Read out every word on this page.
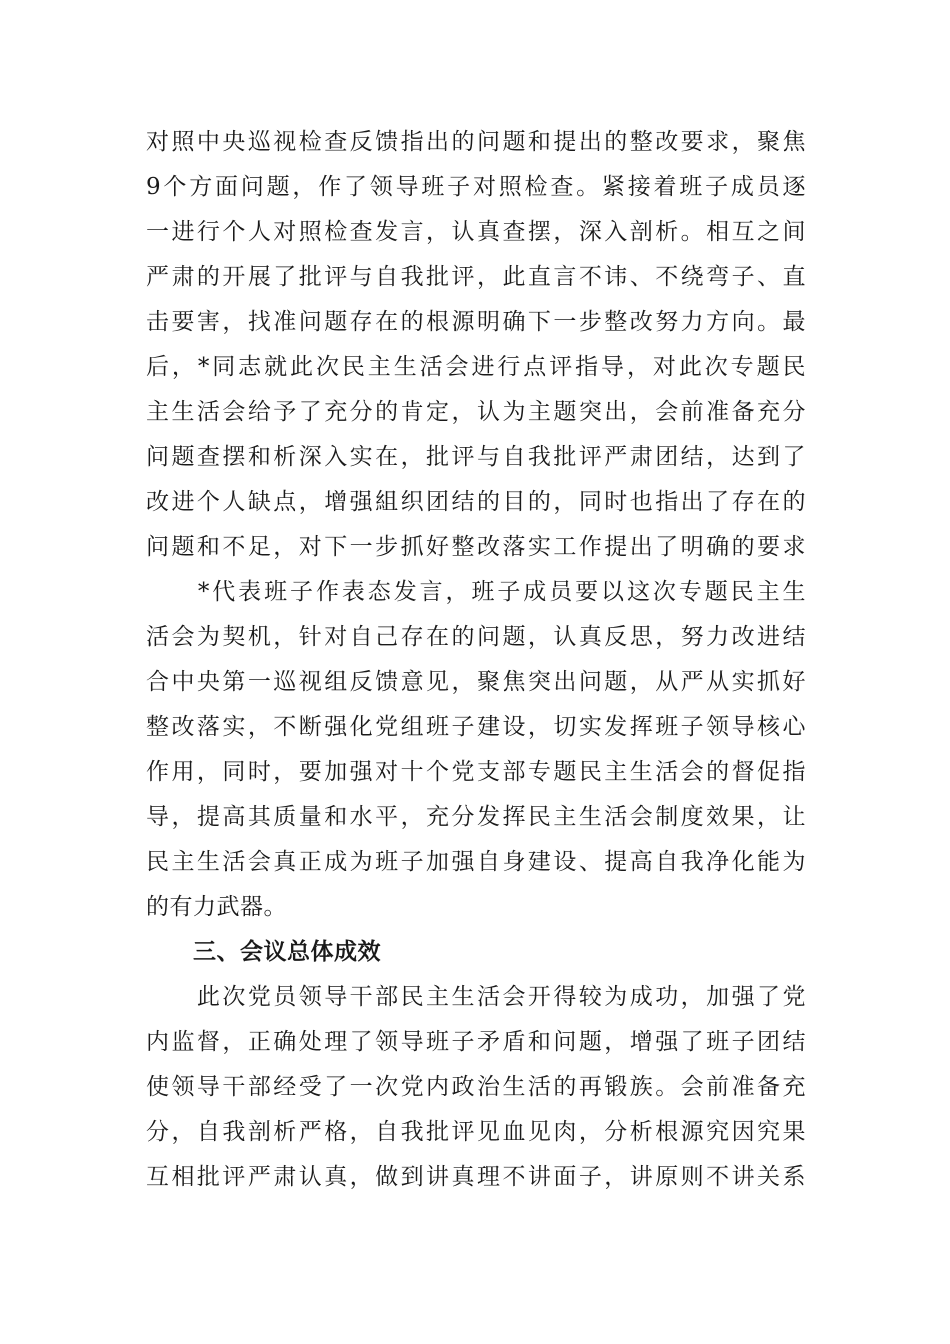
对照中央巡视检查反馈指出的问题和提出的整改要求，聚焦
9个方面问题，作了领导班子对照检查。紧接着班子成员逐
一进行个人对照检查发言，认真查摆，深入剖析。相互之间
严肃的开展了批评与自我批评，此直言不讳、不绕弯子、直
击要害，找准问题存在的根源明确下一步整改努力方向。最
后，*同志就此次民主生活会进行点评指导，对此次专题民
主生活会给予了充分的肯定，认为主题突出，会前准备充分
问题查摆和析深入实在，批评与自我批评严肃团结，达到了
改进个人缺点，增强組织团结的目的，同时也指出了存在的
问题和不足，对下一步抓好整改落实工作提出了明确的要求
　　*代表班子作表态发言，班子成员要以这次专题民主生
活会为契机，针对自己存在的问题，认真反思，努力改进结
合中央第一巡视组反馈意见，聚焦突出问题，从严从实抓好
整改落实，不断强化党组班子建设，切实发挥班子领导核心
作用，同时，要加强对十个党支部专题民主生活会的督促指
导，提高其质量和水平，充分发挥民主生活会制度效果，让
民主生活会真正成为班子加强自身建设、提高自我净化能为
的有力武器。
三、会议总体成效
　　此次党员领导干部民主生活会开得较为成功，加强了党
内监督，正确处理了领导班子矛盾和问题，增强了班子团结
使领导干部经受了一次党内政治生活的再锻族。会前准备充
分，自我剖析严格，自我批评见血见肉，分析根源究因究果
互相批评严肃认真，做到讲真理不讲面子，讲原则不讲关系
